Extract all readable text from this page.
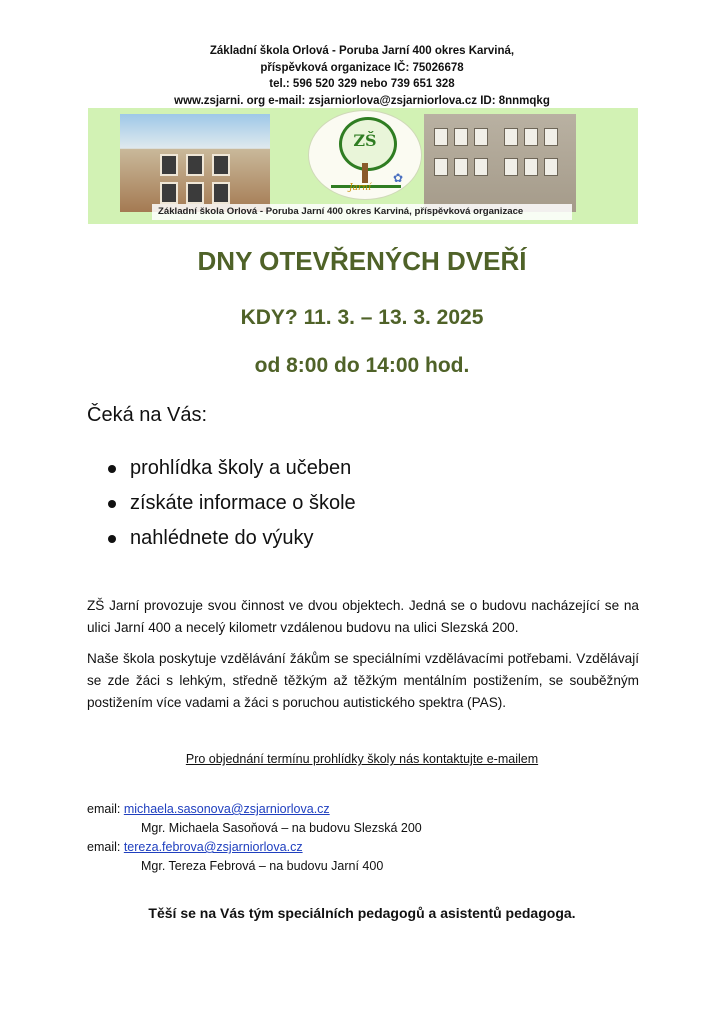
Základní škola Orlová - Poruba Jarní 400 okres Karviná,
příspěvková organizace IČ: 75026678
tel.: 596 520 329 nebo 739 651 328
www.zsjarni. org e-mail: zsjarniorlova@zsjarniorlova.cz ID: 8nnmqkg
ZŠ
Jarní
✿
Základní škola Orlová - Poruba Jarní 400 okres Karviná, příspěvková organizace
DNY OTEVŘENÝCH DVEŘÍ
KDY? 11. 3. – 13. 3. 2025
od 8:00 do 14:00 hod.
Čeká na Vás:
prohlídka školy a učeben
získáte informace o škole
nahlédnete do výuky

ZŠ Jarní provozuje svou činnost ve dvou objektech. Jedná se o budovu nacházející se na ulici Jarní 400 a necelý kilometr vzdálenou budovu na ulici Slezská 200.

Naše škola poskytuje vzdělávání žákům se speciálními vzdělávacími potřebami. Vzdělávají se zde žáci s lehkým, středně těžkým až těžkým mentálním postižením, se souběžným postižením více vadami a žáci s poruchou autistického spektra (PAS).

Pro objednání termínu prohlídky školy nás kontaktujte e-mailem
email: michaela.sasonova@zsjarniorlova.cz
Mgr. Michaela Sasoňová – na budovu Slezská 200
email: tereza.febrova@zsjarniorlova.cz
Mgr. Tereza Febrová – na budovu Jarní 400
Těší se na Vás tým speciálních pedagogů a asistentů pedagoga.
